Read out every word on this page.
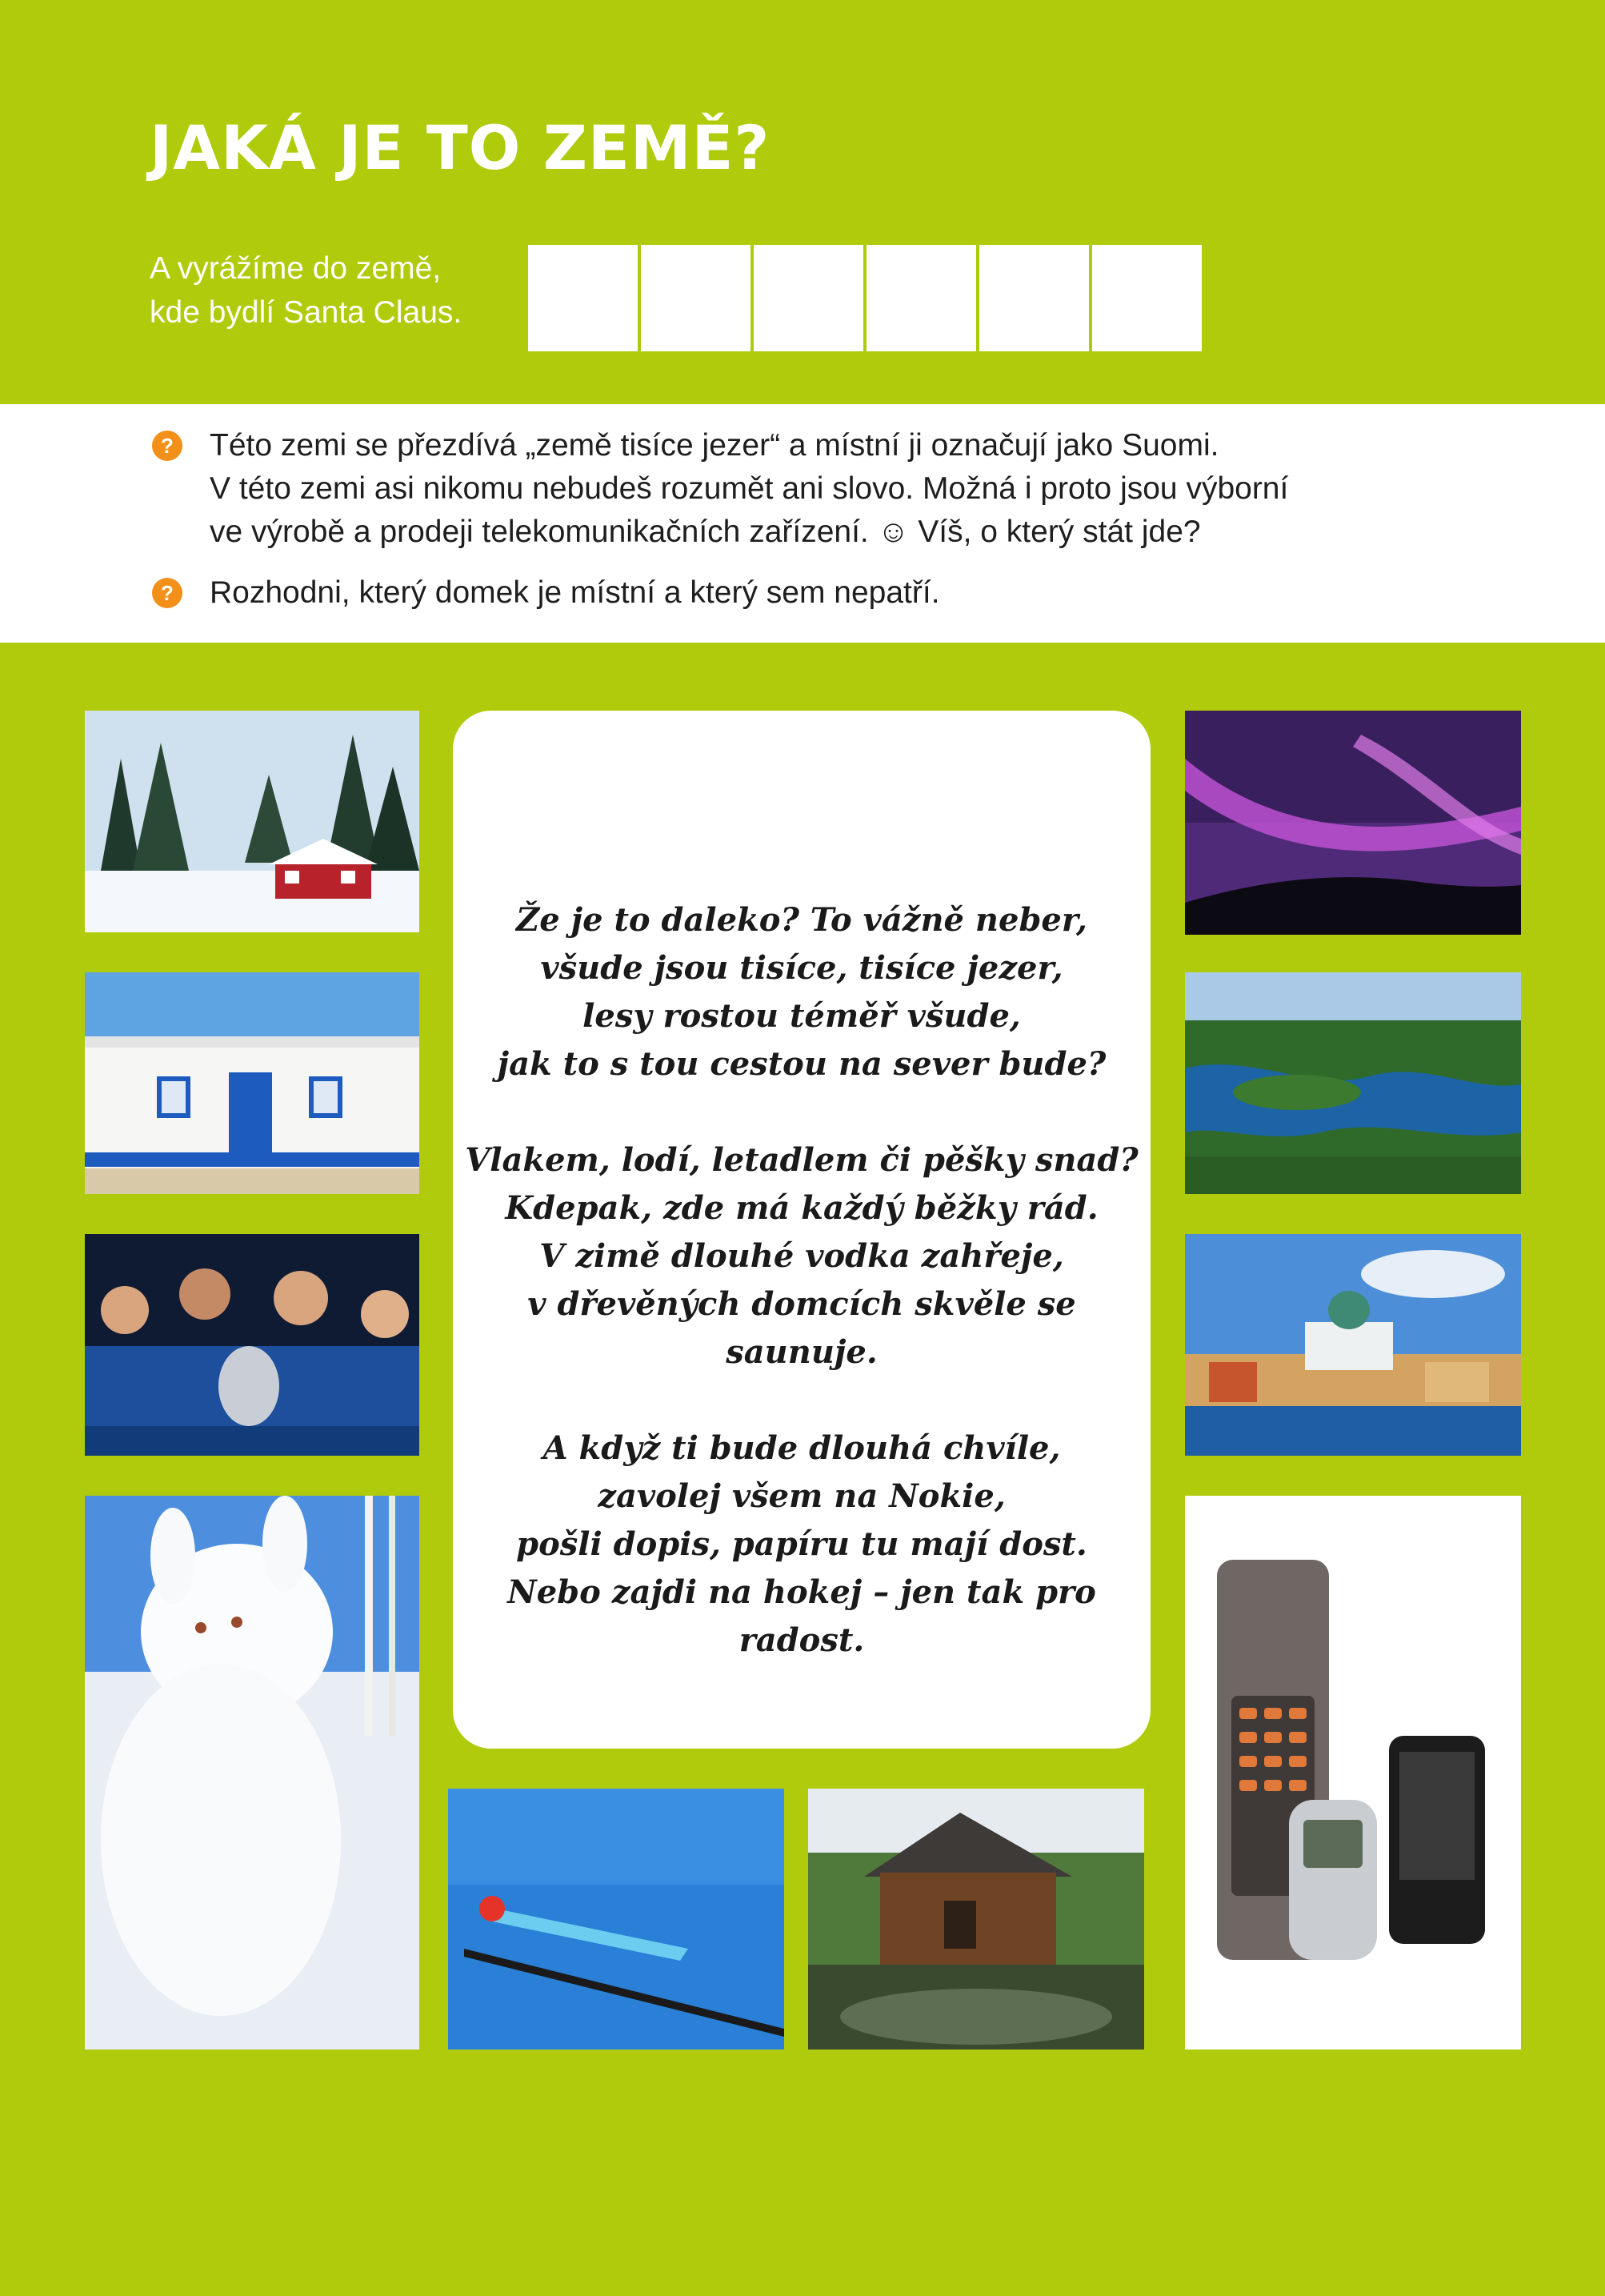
JAKÁ JE TO ZEMĚ?
A vyrážíme do země,
kde bydlí Santa Claus.
? Této zemi se přezdívá „země tisíce jezer“ a místní ji označují jako Suomi.
V této zemi asi nikomu nebudeš rozumět ani slovo. Možná i proto jsou výborní
ve výrobě a prodeji telekomunikačních zařízení. ☺ Víš, o který stát jde?
? Rozhodni, který domek je místní a který sem nepatří.
Že je to daleko? To vážně neber,
všude jsou tisíce, tisíce jezer,
lesy rostou téměř všude,
jak to s tou cestou na sever bude?
Vlakem, lodí, letadlem či pěšky snad?
Kdepak, zde má každý běžky rád.
V zimě dlouhé vodka zahřeje,
v dřevěných domcích skvěle se saunuje.
A když ti bude dlouhá chvíle,
zavolej všem na Nokie,
pošli dopis, papíru tu mají dost.
Nebo zajdi na hokej – jen tak pro radost.
